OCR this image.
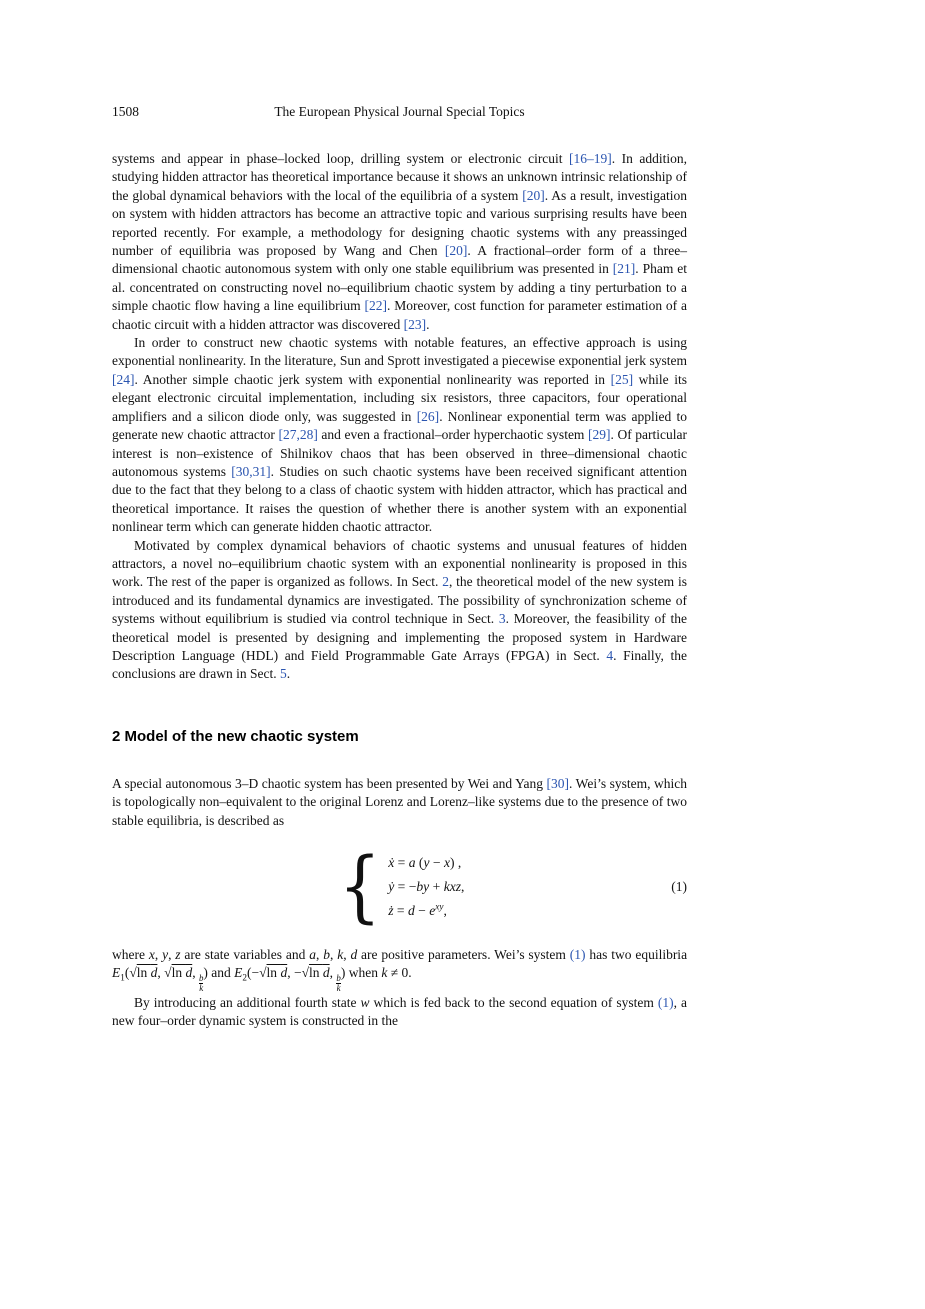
1508	The European Physical Journal Special Topics

systems and appear in phase–locked loop, drilling system or electronic circuit [16–19]. In addition, studying hidden attractor has theoretical importance because it shows an unknown intrinsic relationship of the global dynamical behaviors with the local of the equilibria of a system [20]. As a result, investigation on system with hidden attractors has become an attractive topic and various surprising results have been reported recently. For example, a methodology for designing chaotic systems with any preassinged number of equilibria was proposed by Wang and Chen [20]. A fractional–order form of a three–dimensional chaotic autonomous system with only one stable equilibrium was presented in [21]. Pham et al. concentrated on constructing novel no–equilibrium chaotic system by adding a tiny perturbation to a simple chaotic flow having a line equilibrium [22]. Moreover, cost function for parameter estimation of a chaotic circuit with a hidden attractor was discovered [23].

In order to construct new chaotic systems with notable features, an effective approach is using exponential nonlinearity. In the literature, Sun and Sprott investigated a piecewise exponential jerk system [24]. Another simple chaotic jerk system with exponential nonlinearity was reported in [25] while its elegant electronic circuital implementation, including six resistors, three capacitors, four operational amplifiers and a silicon diode only, was suggested in [26]. Nonlinear exponential term was applied to generate new chaotic attractor [27,28] and even a fractional–order hyperchaotic system [29]. Of particular interest is non–existence of Shilnikov chaos that has been observed in three–dimensional chaotic autonomous systems [30,31]. Studies on such chaotic systems have been received significant attention due to the fact that they belong to a class of chaotic system with hidden attractor, which has practical and theoretical importance. It raises the question of whether there is another system with an exponential nonlinear term which can generate hidden chaotic attractor.

Motivated by complex dynamical behaviors of chaotic systems and unusual features of hidden attractors, a novel no–equilibrium chaotic system with an exponential nonlinearity is proposed in this work. The rest of the paper is organized as follows. In Sect. 2, the theoretical model of the new system is introduced and its fundamental dynamics are investigated. The possibility of synchronization scheme of systems without equilibrium is studied via control technique in Sect. 3. Moreover, the feasibility of the theoretical model is presented by designing and implementing the proposed system in Hardware Description Language (HDL) and Field Programmable Gate Arrays (FPGA) in Sect. 4. Finally, the conclusions are drawn in Sect. 5.

2 Model of the new chaotic system

A special autonomous 3–D chaotic system has been presented by Wei and Yang [30]. Wei’s system, which is topologically non–equivalent to the original Lorenz and Lorenz–like systems due to the presence of two stable equilibria, is described as

{ ẋ = a (y − x) ,
ẏ = −by + kxz,
ż = $d - e^{xy}$,
(1)

where x, y, z are state variables and a, b, k, d are positive parameters. Wei’s system (1) has two equilibria $E_1(√\ln$ $\overline{d}$, √ln $\overline{d}$,
$\frac{b}{k}$
) and $E_2(-√\ln$ $\overline{d}$, −√ln $\overline{d}$,
$\frac{b}{k}$
) when k ≠ 0.

By introducing an additional fourth state w which is fed back to the second equation of system (1), a new four–order dynamic system is constructed in the
